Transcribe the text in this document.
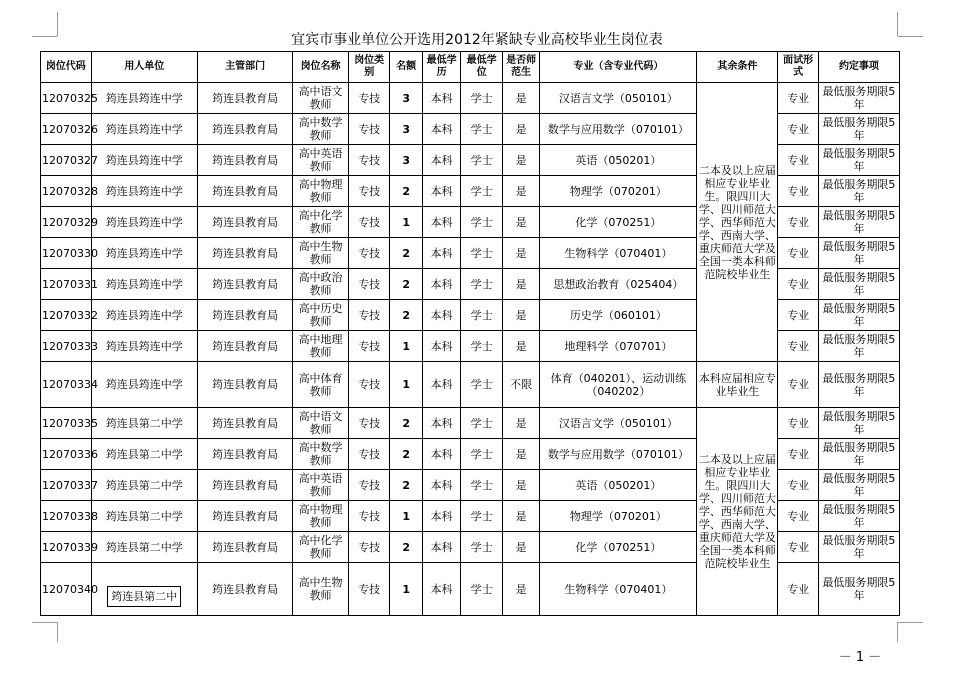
宜宾市事业单位公开选用2012年紧缺专业高校毕业生岗位表
岗位代码	用人单位	主管部门	岗位名称	岗位类别	名额	最低学历	最低学位	是否师范生	专业（含专业代码）	其余条件	面试形式	约定事项
12070325	筠连县筠连中学	筠连县教育局	高中语文教师	专技	3	本科	学士	是	汉语言文学（050101）	二本及以上应届相应专业毕业生。限四川大学、四川师范大学、西华师范大学、西南大学、重庆师范大学及全国一类本科师范院校毕业生	专业	最低服务期限5年
12070326	筠连县筠连中学	筠连县教育局	高中数学教师	专技	3	本科	学士	是	数学与应用数学（070101）		专业	最低服务期限5年
12070327	筠连县筠连中学	筠连县教育局	高中英语教师	专技	3	本科	学士	是	英语（050201）		专业	最低服务期限5年
12070328	筠连县筠连中学	筠连县教育局	高中物理教师	专技	2	本科	学士	是	物理学（070201）		专业	最低服务期限5年
12070329	筠连县筠连中学	筠连县教育局	高中化学教师	专技	1	本科	学士	是	化学（070251）		专业	最低服务期限5年
12070330	筠连县筠连中学	筠连县教育局	高中生物教师	专技	2	本科	学士	是	生物科学（070401）		专业	最低服务期限5年
12070331	筠连县筠连中学	筠连县教育局	高中政治教师	专技	2	本科	学士	是	思想政治教育（025404）		专业	最低服务期限5年
12070332	筠连县筠连中学	筠连县教育局	高中历史教师	专技	2	本科	学士	是	历史学（060101）		专业	最低服务期限5年
12070333	筠连县筠连中学	筠连县教育局	高中地理教师	专技	1	本科	学士	是	地理科学（070701）		专业	最低服务期限5年
12070334	筠连县筠连中学	筠连县教育局	高中体育教师	专技	1	本科	学士	不限	体育（040201）、运动训练（040202）	本科应届相应专业毕业生	专业	最低服务期限5年
12070335	筠连县第二中学	筠连县教育局	高中语文教师	专技	2	本科	学士	是	汉语言文学（050101）	二本及以上应届相应专业毕业生。限四川大学、四川师范大学、西华师范大学、西南大学、重庆师范大学及全国一类本科师范院校毕业生	专业	最低服务期限5年
12070336	筠连县第二中学	筠连县教育局	高中数学教师	专技	2	本科	学士	是	数学与应用数学（070101）		专业	最低服务期限5年
12070337	筠连县第二中学	筠连县教育局	高中英语教师	专技	2	本科	学士	是	英语（050201）		专业	最低服务期限5年
12070338	筠连县第二中学	筠连县教育局	高中物理教师	专技	1	本科	学士	是	物理学（070201）		专业	最低服务期限5年
12070339	筠连县第二中学	筠连县教育局	高中化学教师	专技	2	本科	学士	是	化学（070251）		专业	最低服务期限5年
12070340	筠连县第二中	筠连县教育局	高中生物教师	专技	1	本科	学士	是	生物科学（070401）		专业	最低服务期限5年
－ 1 －
